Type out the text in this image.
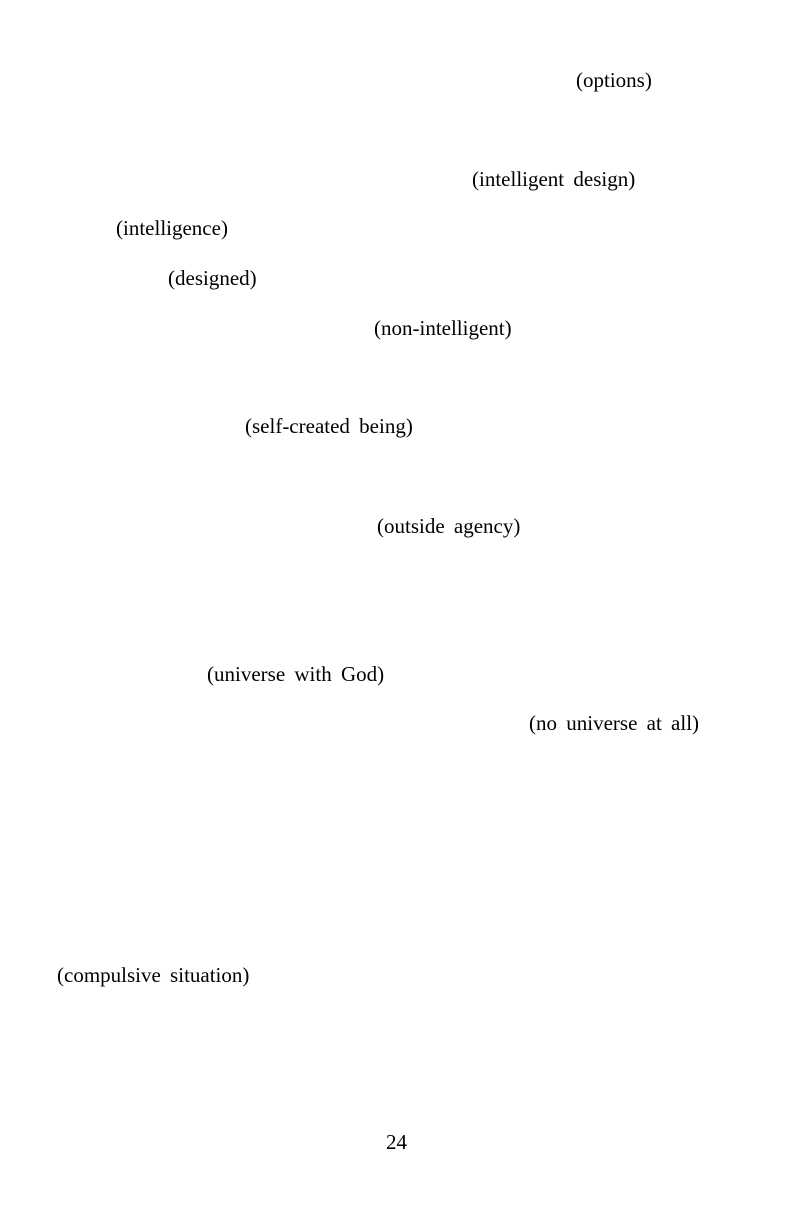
(options)
(intelligent design)
(intelligence)
(designed)
(non-intelligent)
(self-created being)
(outside agency)
(universe with God)
(no universe at all)
(compulsive situation)
24
